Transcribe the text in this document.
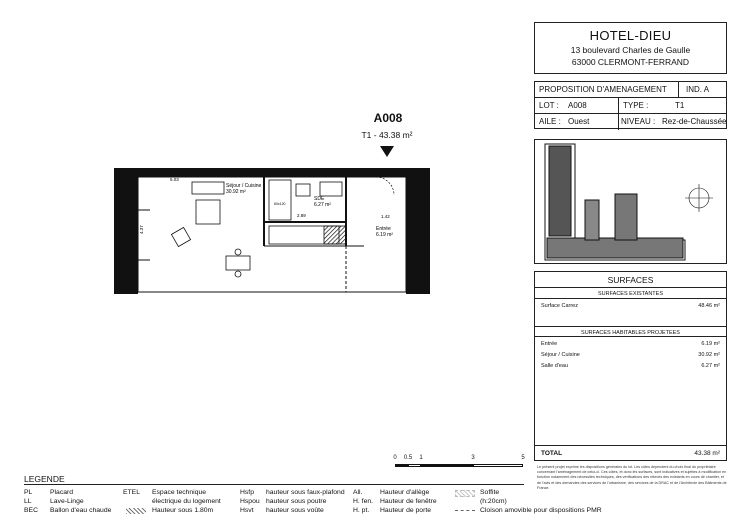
A008
T1 - 43.38 m²
Séjour / Cuisine
30.92 m²
SDE
6.27 m²
Entrée
6.19 m²
5.03
2.89	1.42
4.37
60x120
HOTEL-DIEU
13 boulevard Charles de Gaulle
63000 CLERMONT-FERRAND
PROPOSITION D'AMENAGEMENT IND. A
LOT : A008	TYPE :	T1
AILE : Ouest	NIVEAU : Rez-de-Chaussée
SURFACES
SURFACES EXISTANTES
Surface Carrez	48.46 m²
SURFACES HABITABLES PROJETEES
Entrée	6.19 m²
Séjour / Cuisine	30.92 m²
Salle d'eau	6.27 m²
TOTAL	43.38 m²
Le présent projet exprime les dispositions générales du lot. Les côtes dépendent du choix final du propriétaire concernant l'aménagement de celui-ci. Ces côtes, et donc les surfaces, sont indicatives et sujettes à modification en fonction notamment des nécessités techniques, des vérifications des relevés des existants en cours de chantier, et de l'avis et des demandes des services de l'urbanisme, des services de la DRAC et de l'Architecte des Bâtiments de France.
0 0.5 1	3	5
LEGENDE
PL	Placard
LL	Lave-Linge
BEC Ballon d'eau chaude
ETEL Espace technique
électrique du logement
Hauteur sous 1.80m
Hsfp hauteur sous faux-plafond
Hspou hauteur sous poutre
Hsvt hauteur sous voûte
All.	Hauteur d'allège
H. fen. Hauteur de fenêtre
H. pt. Hauteur de porte
Soffite
(h:20cm)
Cloison amovible pour dispositions PMR
